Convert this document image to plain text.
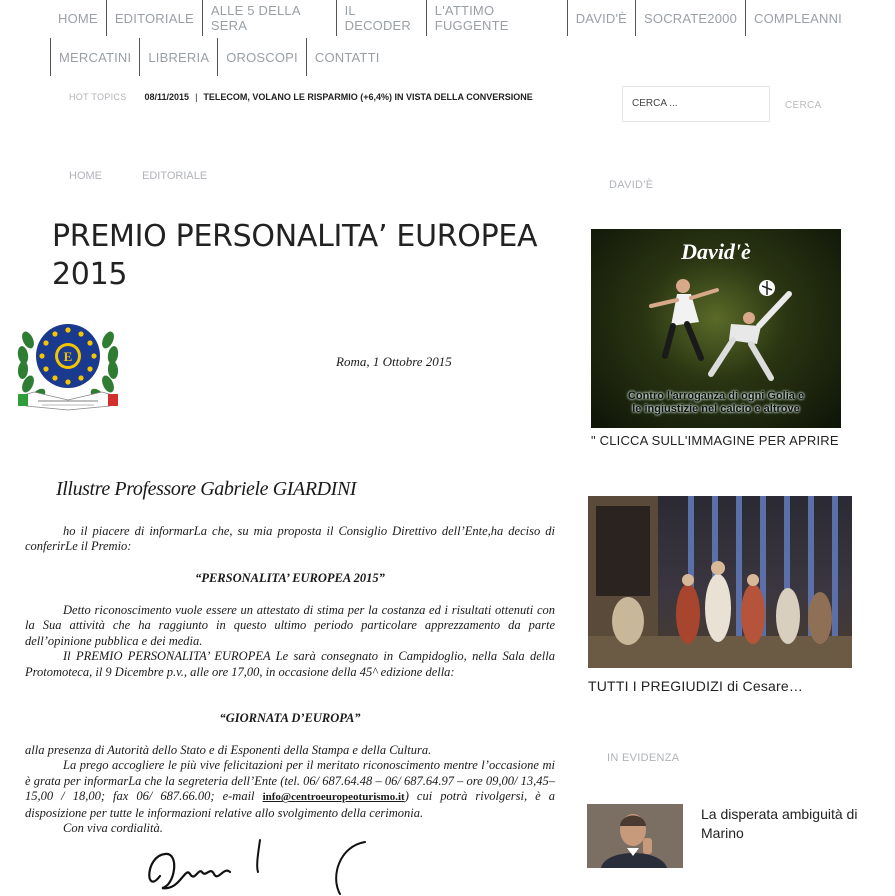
HOME	EDITORIALE	ALLE 5 DELLA SERA
IL DECODER
L'ATTIMO FUGGENTE	DAVID'È	SOCRATE2000	COMPLEANNI
MERCATINI	LIBRERIA	OROSCOPI	CONTATTI
HOT TOPICS 08/11/2015 | TELECOM, VOLANO LE RISPARMIO (+6,4%) IN VISTA DELLA CONVERSIONE
CERCA ...	CERCA
HOME	EDITORIALE
DAVID'È
PREMIO PERSONALITA’ EUROPEA 2015
E	Roma, 1 Ottobre 2015
Illustre Professore Gabriele GIARDINI

ho il piacere di informarLa che, su mia proposta il Consiglio Direttivo dell’Ente,ha deciso di conferirLe il Premio:

“PERSONALITA’ EUROPEA 2015”

Detto riconoscimento vuole essere un attestato di stima per la costanza ed i risultati ottenuti con la Sua attività che ha raggiunto in questo ultimo periodo particolare apprezzamento da parte dell’opinione pubblica e dei media.

Il PREMIO PERSONALITA’ EUROPEA Le sarà consegnato in Campidoglio, nella Sala della Protomoteca, il 9 Dicembre p.v., alle ore 17,00, in occasione della 45^ edizione della:

“GIORNATA D’EUROPA”

alla presenza di Autorità dello Stato e di Esponenti della Stampa e della Cultura.

La prego accogliere le più vive felicitazioni per il meritato riconoscimento mentre l’occasione mi è grata per informarLa che la segreteria dell’Ente (tel. 06/ 687.64.48 – 06/ 687.64.97 – ore 09,00/ 13,45–15,00 / 18,00; fax 06/ 687.66.00; e-mail info@centroeuropeoturismo.it) cui potrà rivolgersi, è a disposizione per tutte le informazioni relative allo svolgimento della cerimonia.

Con viva cordialità.

David'è
Contro l'arroganza di ogni Golia e
le ingiustizie nel calcio e altrove
" CLICCA SULL'IMMAGINE PER APRIRE
TUTTI I PREGIUDIZI di Cesare…
IN EVIDENZA
La disperata ambiguità di Marino
